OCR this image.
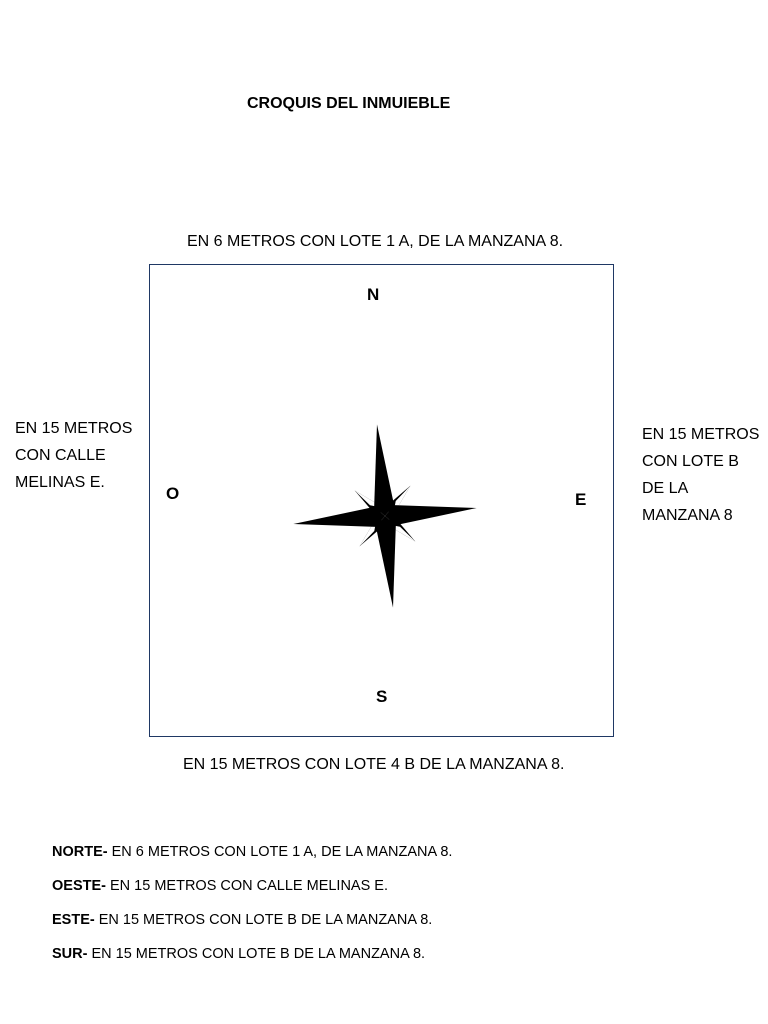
CROQUIS DEL INMUIEBLE
EN 6 METROS CON LOTE 1 A, DE LA MANZANA 8.
N
O	E
S
EN 15 METROS CON CALLE MELINAS E.
EN 15 METROS CON LOTE B DE LA MANZANA 8
EN 15 METROS CON LOTE 4 B DE LA MANZANA 8.
NORTE- EN 6 METROS CON LOTE 1 A, DE LA MANZANA 8.
OESTE- EN 15 METROS CON CALLE MELINAS E.
ESTE- EN 15 METROS CON LOTE B DE LA MANZANA 8.
SUR- EN 15 METROS CON LOTE B DE LA MANZANA 8.
